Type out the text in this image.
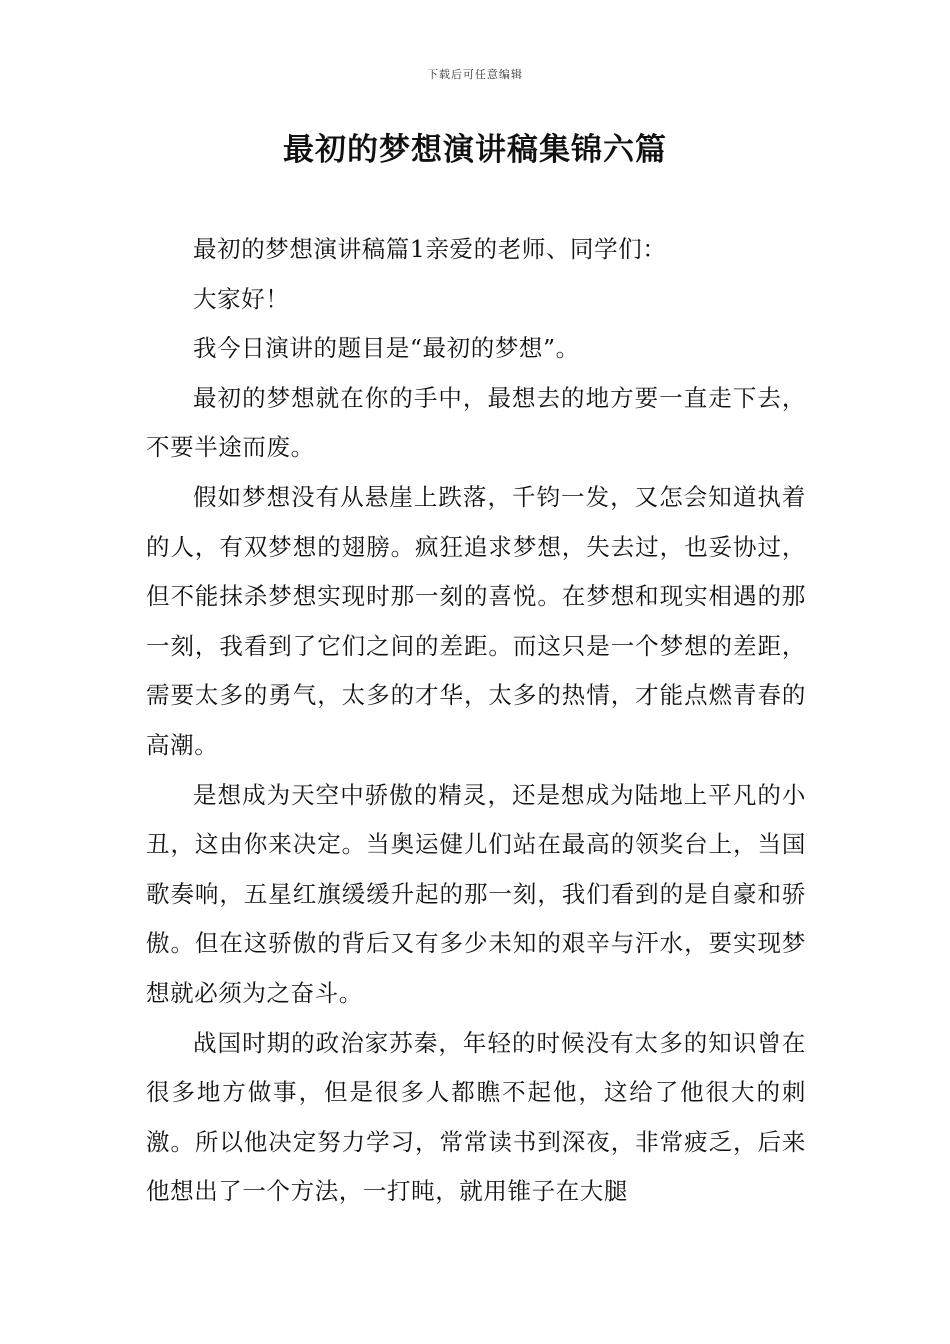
下载后可任意编辑
最初的梦想演讲稿集锦六篇

最初的梦想演讲稿篇1亲爱的老师、同学们：

大家好！

我今日演讲的题目是“最初的梦想”。

最初的梦想就在你的手中，最想去的地方要一直走下去，不要半途而废。

假如梦想没有从悬崖上跌落，千钧一发，又怎会知道执着的人，有双梦想的翅膀。疯狂追求梦想，失去过，也妥协过，但不能抹杀梦想实现时那一刻的喜悦。在梦想和现实相遇的那一刻，我看到了它们之间的差距。而这只是一个梦想的差距，需要太多的勇气，太多的才华，太多的热情，才能点燃青春的高潮。

是想成为天空中骄傲的精灵，还是想成为陆地上平凡的小丑，这由你来决定。当奥运健儿们站在最高的领奖台上，当国歌奏响，五星红旗缓缓升起的那一刻，我们看到的是自豪和骄傲。但在这骄傲的背后又有多少未知的艰辛与汗水，要实现梦想就必须为之奋斗。

战国时期的政治家苏秦，年轻的时候没有太多的知识曾在很多地方做事，但是很多人都瞧不起他，这给了他很大的刺激。所以他决定努力学习，常常读书到深夜，非常疲乏，后来他想出了一个方法，一打盹，就用锥子在大腿
